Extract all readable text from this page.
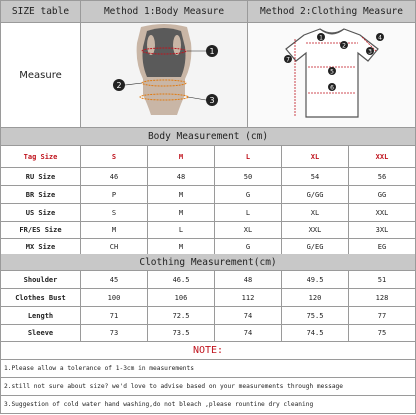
SIZE table	Method 1:Body Measure	Method 2:Clothing Measure
Measure
1
2
3
1
2
3
4
5
6
7
Body Measurement (cm)
Tag Size	S	M	L	XL	XXL
RU Size	46	48	50	54	56
BR Size	P	M	G	G/GG	GG
US Size	S	M	L	XL	XXL
FR/ES Size	M	L	XL	XXL	3XL
MX Size	CH	M	G	G/EG	EG
Clothing Measurement(cm)
Shoulder	45	46.5	48	49.5	51
Clothes Bust	100	106	112	120	128
Length	71	72.5	74	75.5	77
Sleeve	73	73.5	74	74.5	75
NOTE:
1.Please allow a tolerance of 1-3cm in measurements
2.still not sure about size? we'd love to advise based on your measurements through message
3.Suggestion of cold water hand washing,do not bleach ,please rountine dry cleaning
